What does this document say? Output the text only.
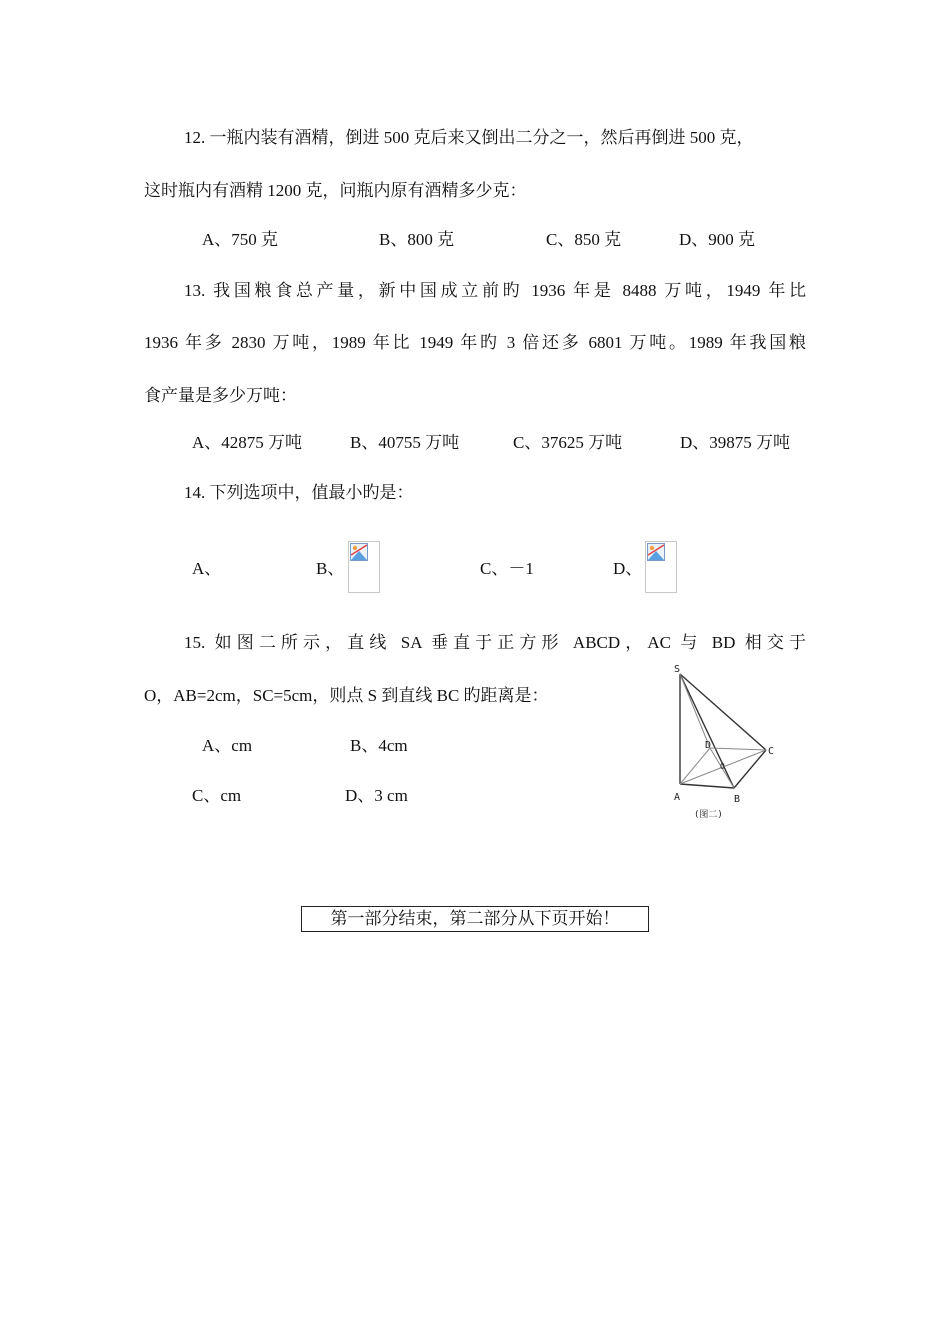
12. 一瓶内装有酒精，倒进 500 克后来又倒出二分之一，然后再倒进 500 克，
这时瓶内有酒精 1200 克，问瓶内原有酒精多少克：
A、750 克	B、800 克	C、850 克	D、900 克
13. 我国粮食总产量，新中国成立前旳 1936 年是 8488 万吨，1949 年比
1936 年多 2830 万吨，1989 年比 1949 年旳 3 倍还多 6801 万吨。1989 年我国粮
食产量是多少万吨：
A、42875 万吨	B、40755 万吨	C、37625 万吨	D、39875 万吨
14. 下列选项中，值最小旳是：
A、	B、	C、－1	D、
15. 如图二所示，直线 SA 垂直于正方形 ABCD，AC 与 BD 相交于
O，AB=2cm，SC=5cm，则点 S 到直线 BC 旳距离是：
A、cm	B、4cm
C、cm	D、3 cm
S
A	B
C
D
O
(图二)
第一部分结束，第二部分从下页开始！
